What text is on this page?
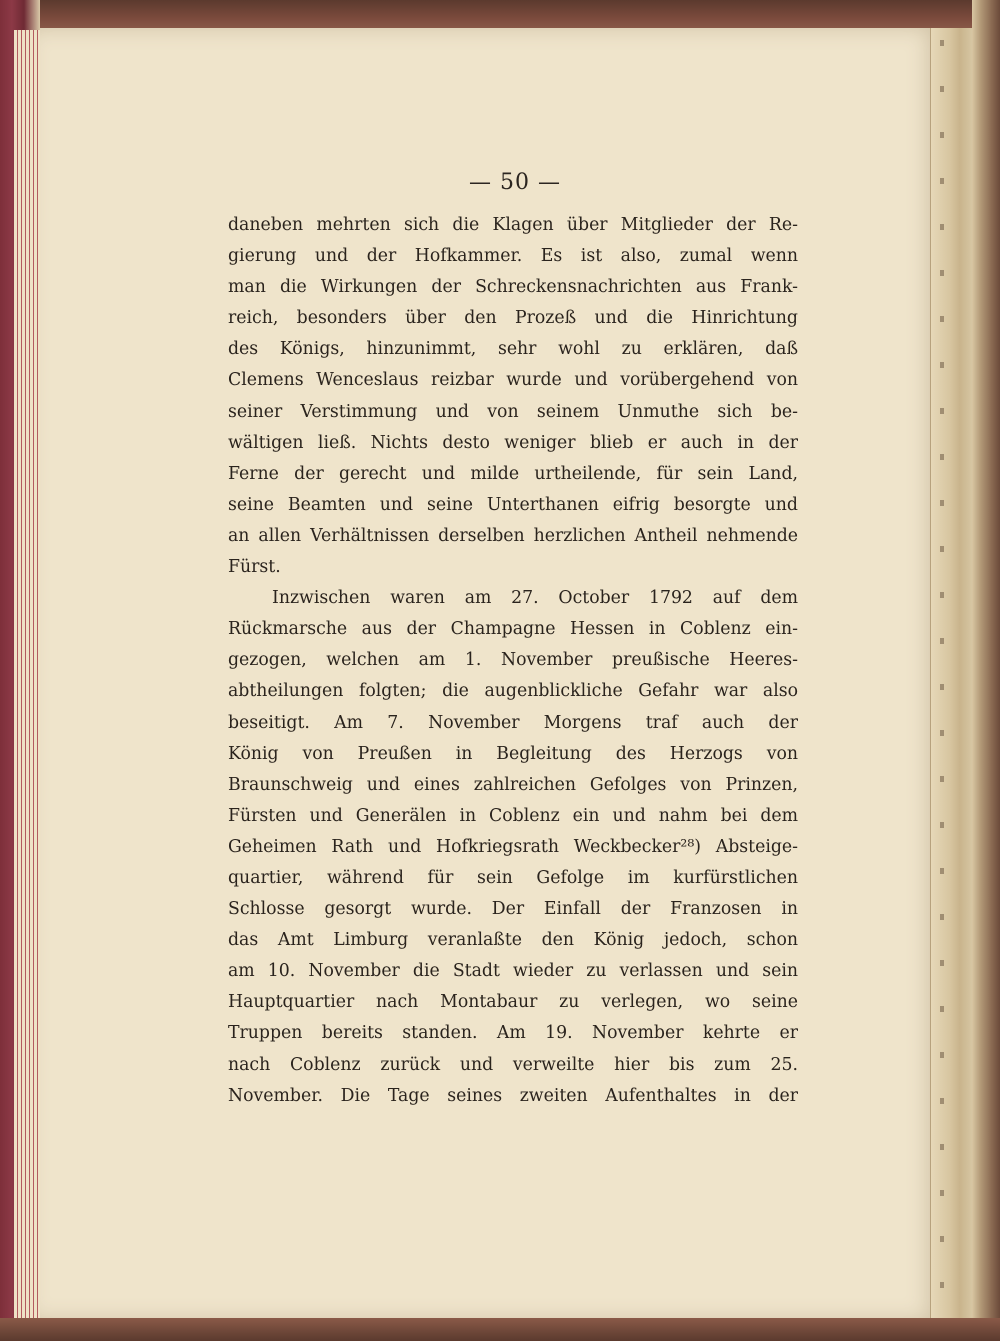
— 50 —
daneben mehrten sich die Klagen über Mitglieder der Re-
gierung und der Hofkammer. Es ist also, zumal wenn
man die Wirkungen der Schreckensnachrichten aus Frank-
reich, besonders über den Prozeß und die Hinrichtung
des Königs, hinzunimmt, sehr wohl zu erklären, daß
Clemens Wenceslaus reizbar wurde und vorübergehend von
seiner Verstimmung und von seinem Unmuthe sich be-
wältigen ließ. Nichts desto weniger blieb er auch in der
Ferne der gerecht und milde urtheilende, für sein Land,
seine Beamten und seine Unterthanen eifrig besorgte und
an allen Verhältnissen derselben herzlichen Antheil nehmende
Fürst.
Inzwischen waren am 27. October 1792 auf dem
Rückmarsche aus der Champagne Hessen in Coblenz ein-
gezogen, welchen am 1. November preußische Heeres-
abtheilungen folgten; die augenblickliche Gefahr war also
beseitigt. Am 7. November Morgens traf auch der
König von Preußen in Begleitung des Herzogs von
Braunschweig und eines zahlreichen Gefolges von Prinzen,
Fürsten und Generälen in Coblenz ein und nahm bei dem
Geheimen Rath und Hofkriegsrath Weckbecker²⁸) Absteige-
quartier, während für sein Gefolge im kurfürstlichen
Schlosse gesorgt wurde. Der Einfall der Franzosen in
das Amt Limburg veranlaßte den König jedoch, schon
am 10. November die Stadt wieder zu verlassen und sein
Hauptquartier nach Montabaur zu verlegen, wo seine
Truppen bereits standen. Am 19. November kehrte er
nach Coblenz zurück und verweilte hier bis zum 25.
November. Die Tage seines zweiten Aufenthaltes in der
